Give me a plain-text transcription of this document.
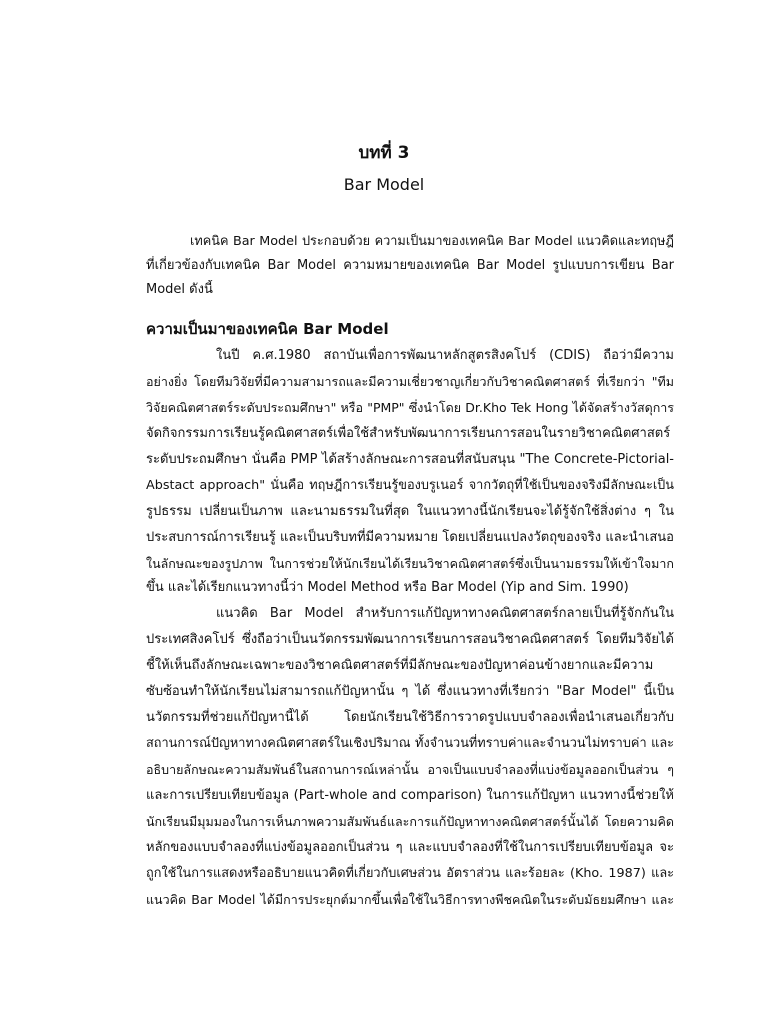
บทที่ 3
Bar Model
เทคนิค Bar Model ประกอบด้วย ความเป็นมาของเทคนิค Bar Model แนวคิดและทฤษฎี
ที่เกี่ยวข้องกับเทคนิค Bar Model ความหมายของเทคนิค Bar Model รูปแบบการเขียน Bar
Model ดังนี้
ความเป็นมาของเทคนิค Bar Model
ในปี ค.ศ.1980 สถาบันเพื่อการพัฒนาหลักสูตรสิงคโปร์ (CDIS) ถือว่ามีความ
อย่างยิ่ง โดยทีมวิจัยที่มีความสามารถและมีความเชี่ยวชาญเกี่ยวกับวิชาคณิตศาสตร์ ที่เรียกว่า "ทีม
วิจัยคณิตศาสตร์ระดับประถมศึกษา" หรือ "PMP" ซึ่งนำโดย Dr.Kho Tek Hong ได้จัดสร้างวัสดุการ
จัดกิจกรรมการเรียนรู้คณิตศาสตร์เพื่อใช้สำหรับพัฒนาการเรียนการสอนในรายวิชาคณิตศาสตร์
ระดับประถมศึกษา นั่นคือ PMP ได้สร้างลักษณะการสอนที่สนับสนุน "The Concrete-Pictorial-
Abstact approach" นั่นคือ ทฤษฎีการเรียนรู้ของบรูเนอร์ จากวัตถุที่ใช้เป็นของจริงมีลักษณะเป็น
รูปธรรม เปลี่ยนเป็นภาพ และนามธรรมในที่สุด ในแนวทางนี้นักเรียนจะได้รู้จักใช้สิ่งต่าง ๆ ใน
ประสบการณ์การเรียนรู้ และเป็นบริบทที่มีความหมาย โดยเปลี่ยนแปลงวัตถุของจริง และนำเสนอ
ในลักษณะของรูปภาพ ในการช่วยให้นักเรียนได้เรียนวิชาคณิตศาสตร์ซึ่งเป็นนามธรรมให้เข้าใจมาก
ขึ้น และได้เรียกแนวทางนี้ว่า Model Method หรือ Bar Model (Yip and Sim. 1990)
แนวคิด Bar Model สำหรับการแก้ปัญหาทางคณิตศาสตร์กลายเป็นที่รู้จักกันใน
ประเทศสิงคโปร์ ซึ่งถือว่าเป็นนวัตกรรมพัฒนาการเรียนการสอนวิชาคณิตศาสตร์ โดยทีมวิจัยได้
ชี้ให้เห็นถึงลักษณะเฉพาะของวิชาคณิตศาสตร์ที่มีลักษณะของปัญหาค่อนข้างยากและมีความ
ซับซ้อนทำให้นักเรียนไม่สามารถแก้ปัญหานั้น ๆ ได้ ซึ่งแนวทางที่เรียกว่า "Bar Model" นี้เป็น
นวัตกรรมที่ช่วยแก้ปัญหานี้ได้ โดยนักเรียนใช้วิธีการวาดรูปแบบจำลองเพื่อนำเสนอเกี่ยวกับ
สถานการณ์ปัญหาทางคณิตศาสตร์ในเชิงปริมาณ ทั้งจำนวนที่ทราบค่าและจำนวนไม่ทราบค่า และ
อธิบายลักษณะความสัมพันธ์ในสถานการณ์เหล่านั้น อาจเป็นแบบจำลองที่แบ่งข้อมูลออกเป็นส่วน ๆ
และการเปรียบเทียบข้อมูล (Part-whole and comparison) ในการแก้ปัญหา แนวทางนี้ช่วยให้
นักเรียนมีมุมมองในการเห็นภาพความสัมพันธ์และการแก้ปัญหาทางคณิตศาสตร์นั้นได้ โดยความคิด
หลักของแบบจำลองที่แบ่งข้อมูลออกเป็นส่วน ๆ และแบบจำลองที่ใช้ในการเปรียบเทียบข้อมูล จะ
ถูกใช้ในการแสดงหรืออธิบายแนวคิดที่เกี่ยวกับเศษส่วน อัตราส่วน และร้อยละ (Kho. 1987) และ
แนวคิด Bar Model ได้มีการประยุกต์มากขึ้นเพื่อใช้ในวิธีการทางพีชคณิตในระดับมัธยมศึกษา และ
